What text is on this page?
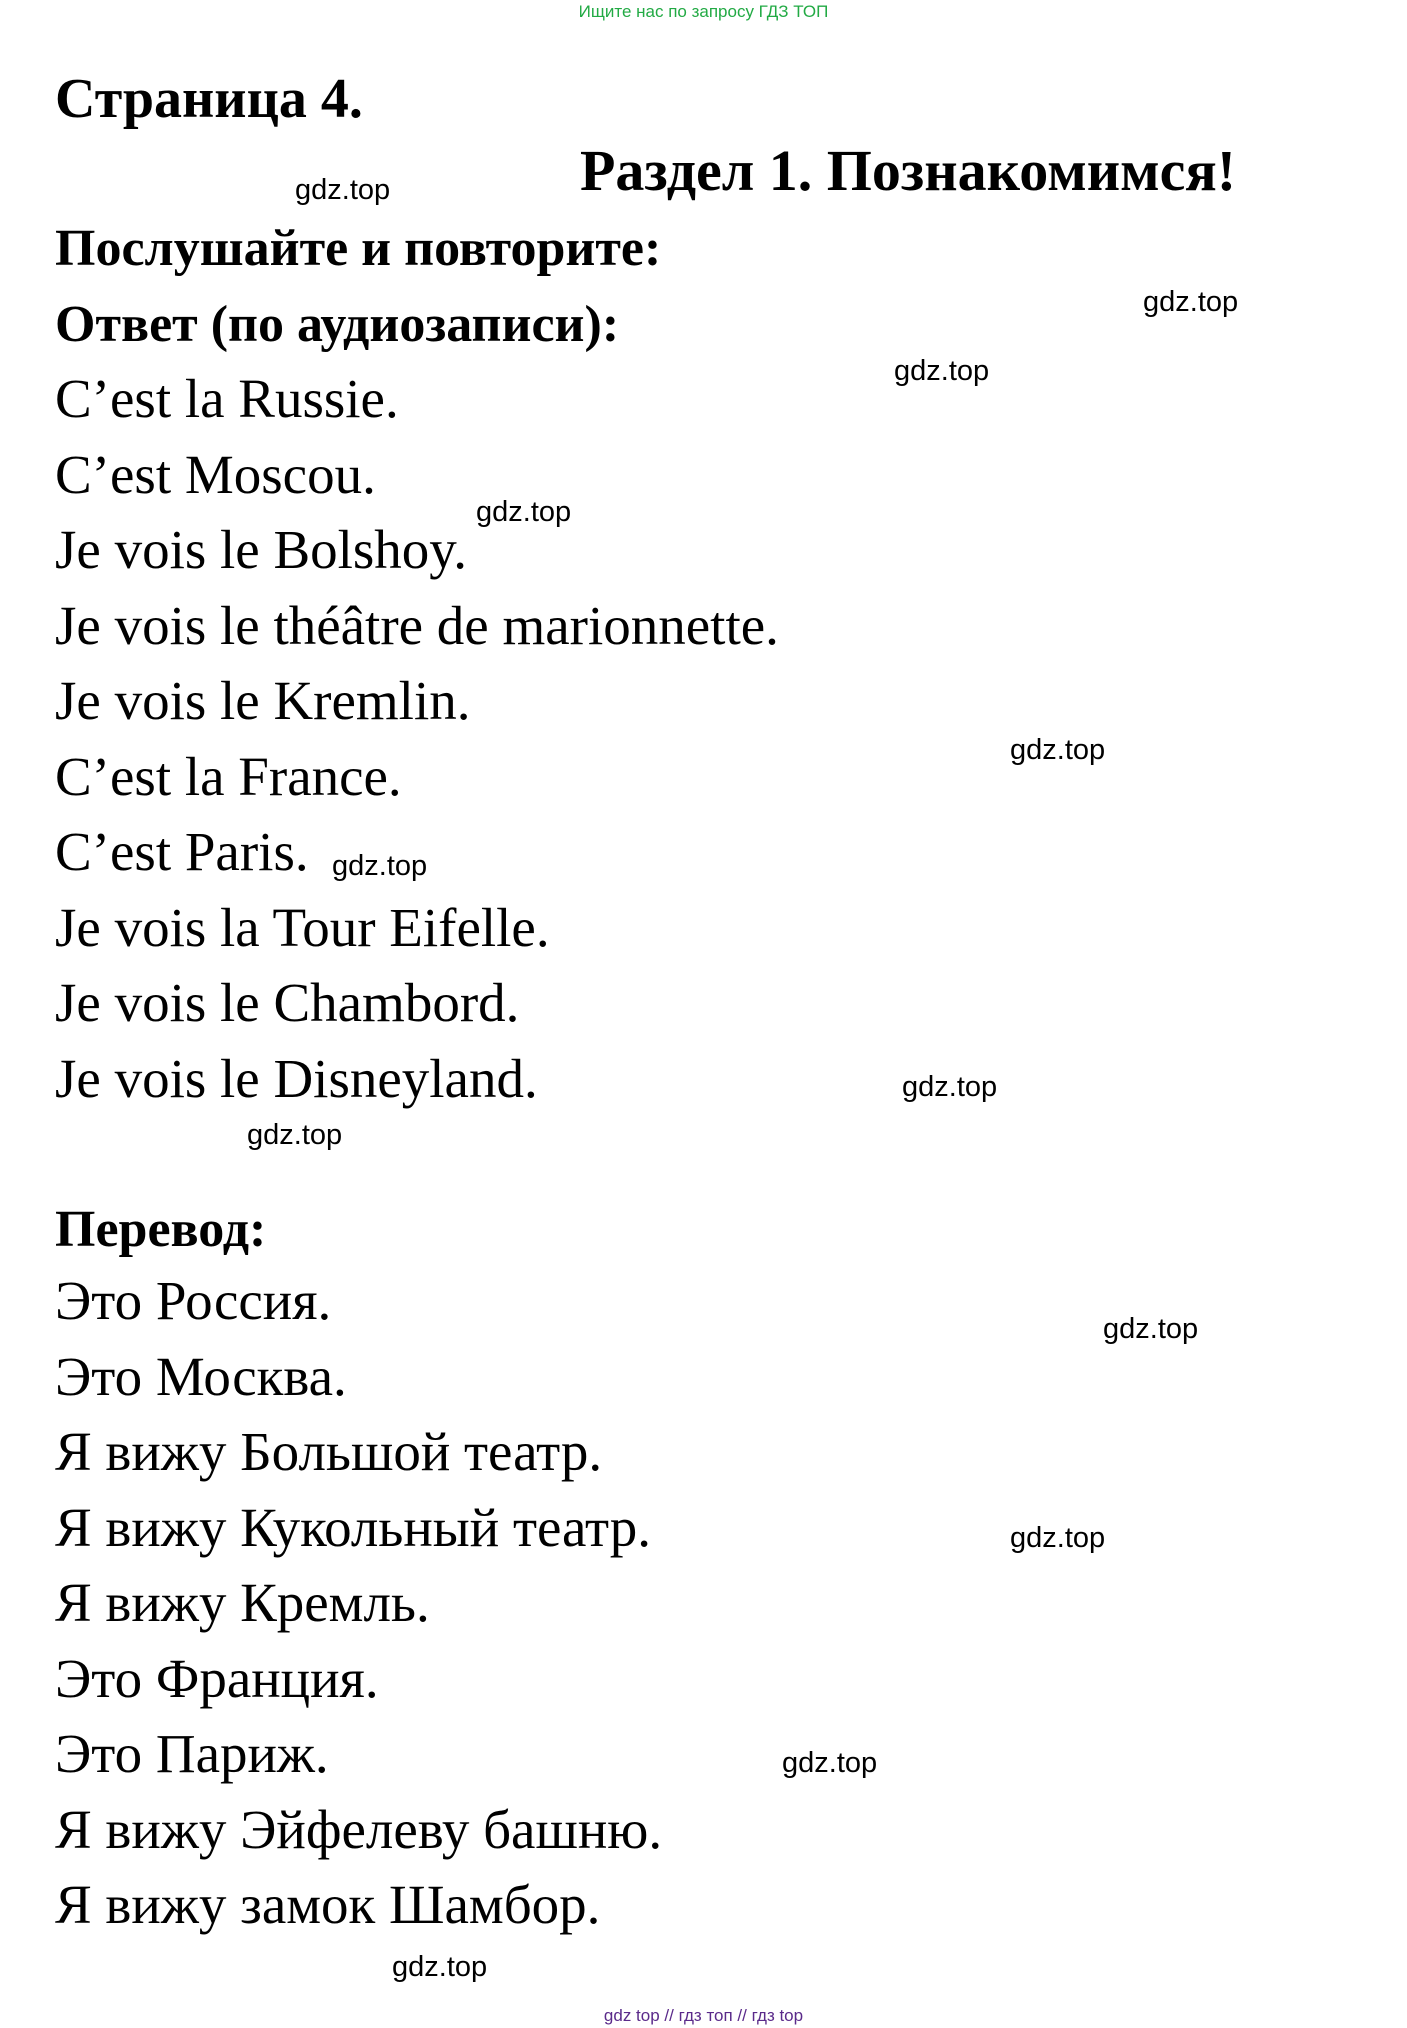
Ищите нас по запросу ГДЗ ТОП
Страница 4.
Раздел 1. Познакомимся!
Послушайте и повторите:
Ответ (по аудиозаписи):
C’est la Russie.
C’est Moscou.
Je vois le Bolshoy.
Je vois le théâtre de marionnette.
Je vois le Kremlin.
C’est la France.
C’est Paris.
Je vois la Tour Eifelle.
Je vois le Chambord.
Je vois le Disneyland.
Перевод:
Это Россия.
Это Москва.
Я вижу Большой театр.
Я вижу Кукольный театр.
Я вижу Кремль.
Это Франция.
Это Париж.
Я вижу Эйфелеву башню.
Я вижу замок Шамбор.
gdz.top
gdz.top
gdz.top
gdz.top
gdz.top
gdz.top
gdz.top
gdz.top
gdz.top
gdz.top
gdz.top
gdz.top
gdz top // гдз топ // гдз top
